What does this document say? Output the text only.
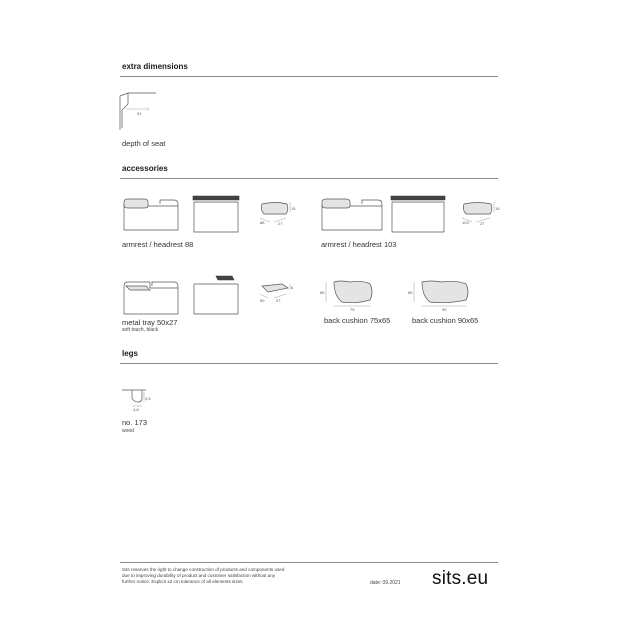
extra dimensions
91
depth of seat
accessories
15
88	27
armrest / headrest 88
15
103	27
armrest / headrest 103
6
50	27
metal tray 50x27
soft touch, black
65
75
back cushion 75x65
65
90
back cushion 90x65
legs
3,5
4,8
no. 173
wood
Sits reserves the right to change construction of products and components used
due to improving durability of product and customer satisfaction without any
further notice. Explicit ±2 cm tolerance of all elements sizes.	date: 09.2021 sits.eu
